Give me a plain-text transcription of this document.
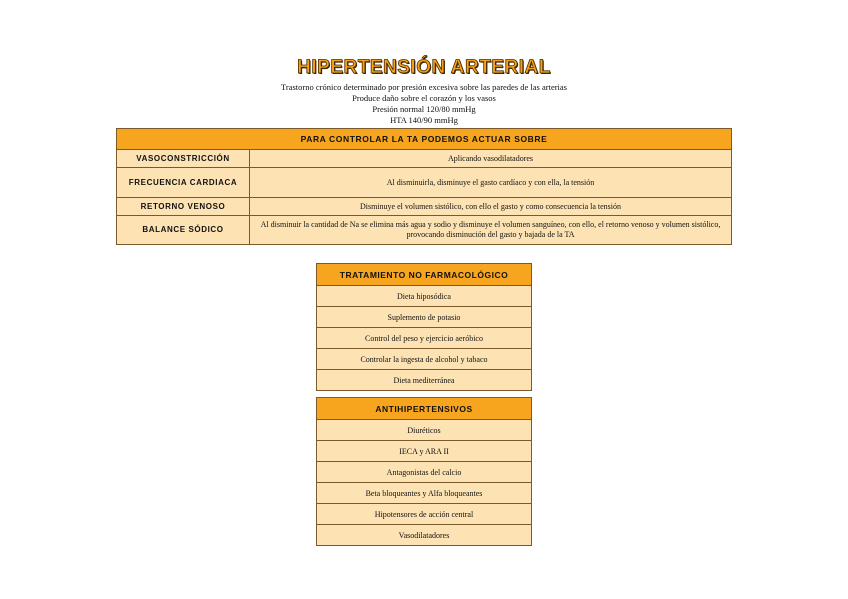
HIPERTENSIÓN ARTERIAL
Trastorno crónico determinado por presión excesiva sobre las paredes de las arterias
Produce daño sobre el corazón y los vasos
Presión normal 120/80 mmHg
HTA 140/90 mmHg
PARA CONTROLAR LA TA PODEMOS ACTUAR SOBRE	
VASOCONSTRICCIÓN	Aplicando vasodilatadores
FRECUENCIA CARDIACA	Al disminuirla, disminuye el gasto cardíaco y con ella, la tensión
RETORNO VENOSO	Disminuye el volumen sistólico, con ello el gasto y como consecuencia la tensión
BALANCE SÓDICO	Al disminuir la cantidad de Na se elimina más agua y sodio y disminuye el volumen sanguíneo, con ello, el retorno venoso y volumen sistólico, provocando disminución del gasto y bajada de la TA
TRATAMIENTO NO FARMACOLÓGICO
Dieta hiposódica
Suplemento de potasio
Control del peso y ejercicio aeróbico
Controlar la ingesta de alcohol y tabaco
Dieta mediterránea
ANTIHIPERTENSIVOS
Diuréticos
IECA y ARA II
Antagonistas del calcio
Beta bloqueantes y Alfa bloqueantes
Hipotensores de acción central
Vasodilatadores
